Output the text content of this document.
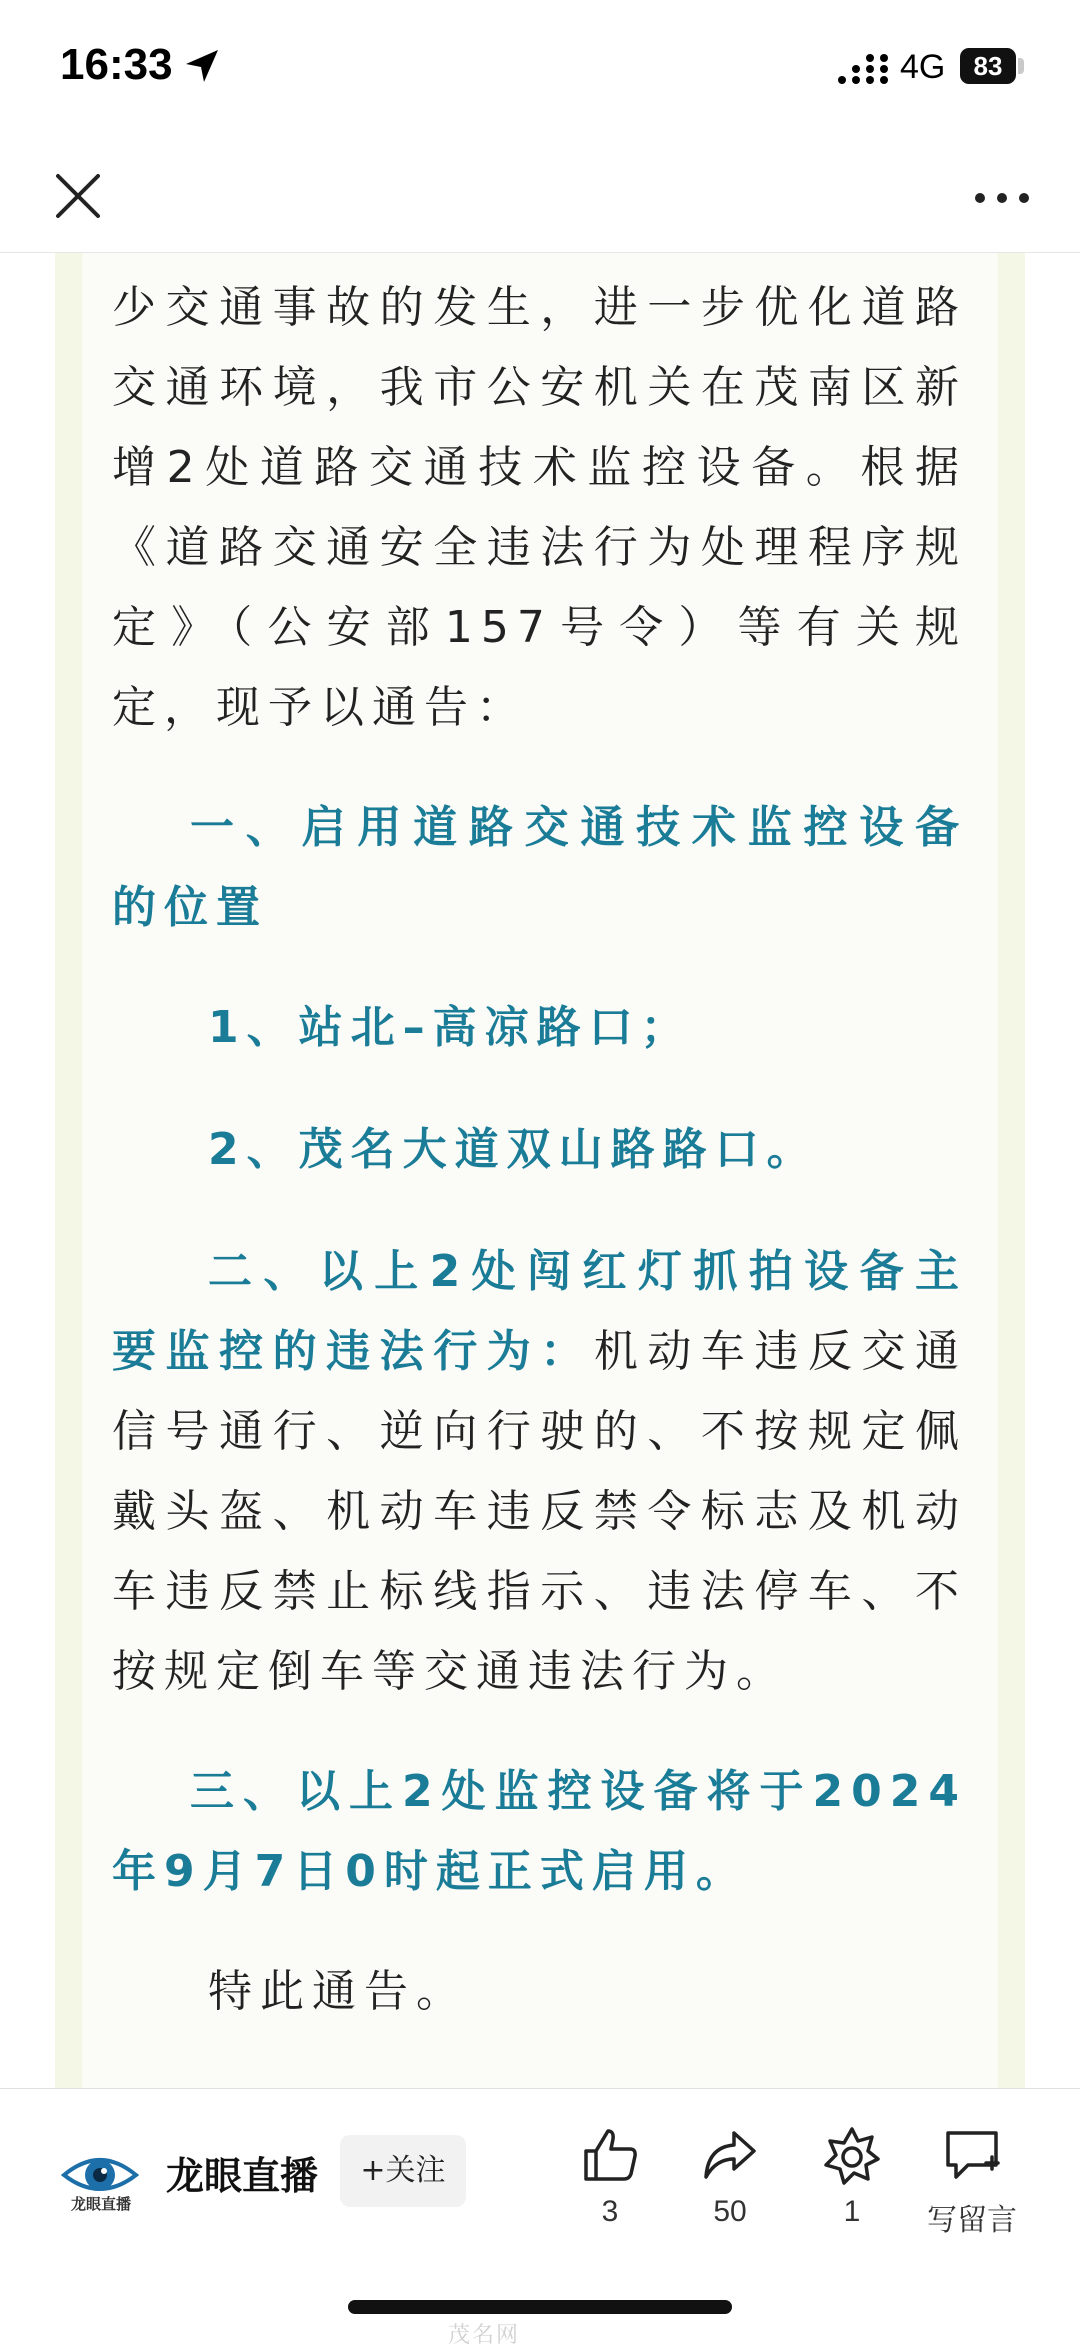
16:33	4G	83

少交通事故的发生，进一步优化道路交通环境，我市公安机关在茂南区新增2处道路交通技术监控设备。根据《道路交通安全违法行为处理程序规定》（公安部157号令）等有关规定，现予以通告：

一、启用道路交通技术监控设备的位置

1、站北–高凉路口；

2、茂名大道双山路路口。

二、以上2处闯红灯抓拍设备主要监控的违法行为：机动车违反交通信号通行、逆向行驶的、不按规定佩戴头盔、机动车违反禁令标志及机动车违反禁止标线指示、违法停车、不按规定倒车等交通违法行为。

三、以上2处监控设备将于2024年9月7日0时起正式启用。

特此通告。

龙眼直播
龙眼直播	+关注
3	50	1	写留言
茂名网
